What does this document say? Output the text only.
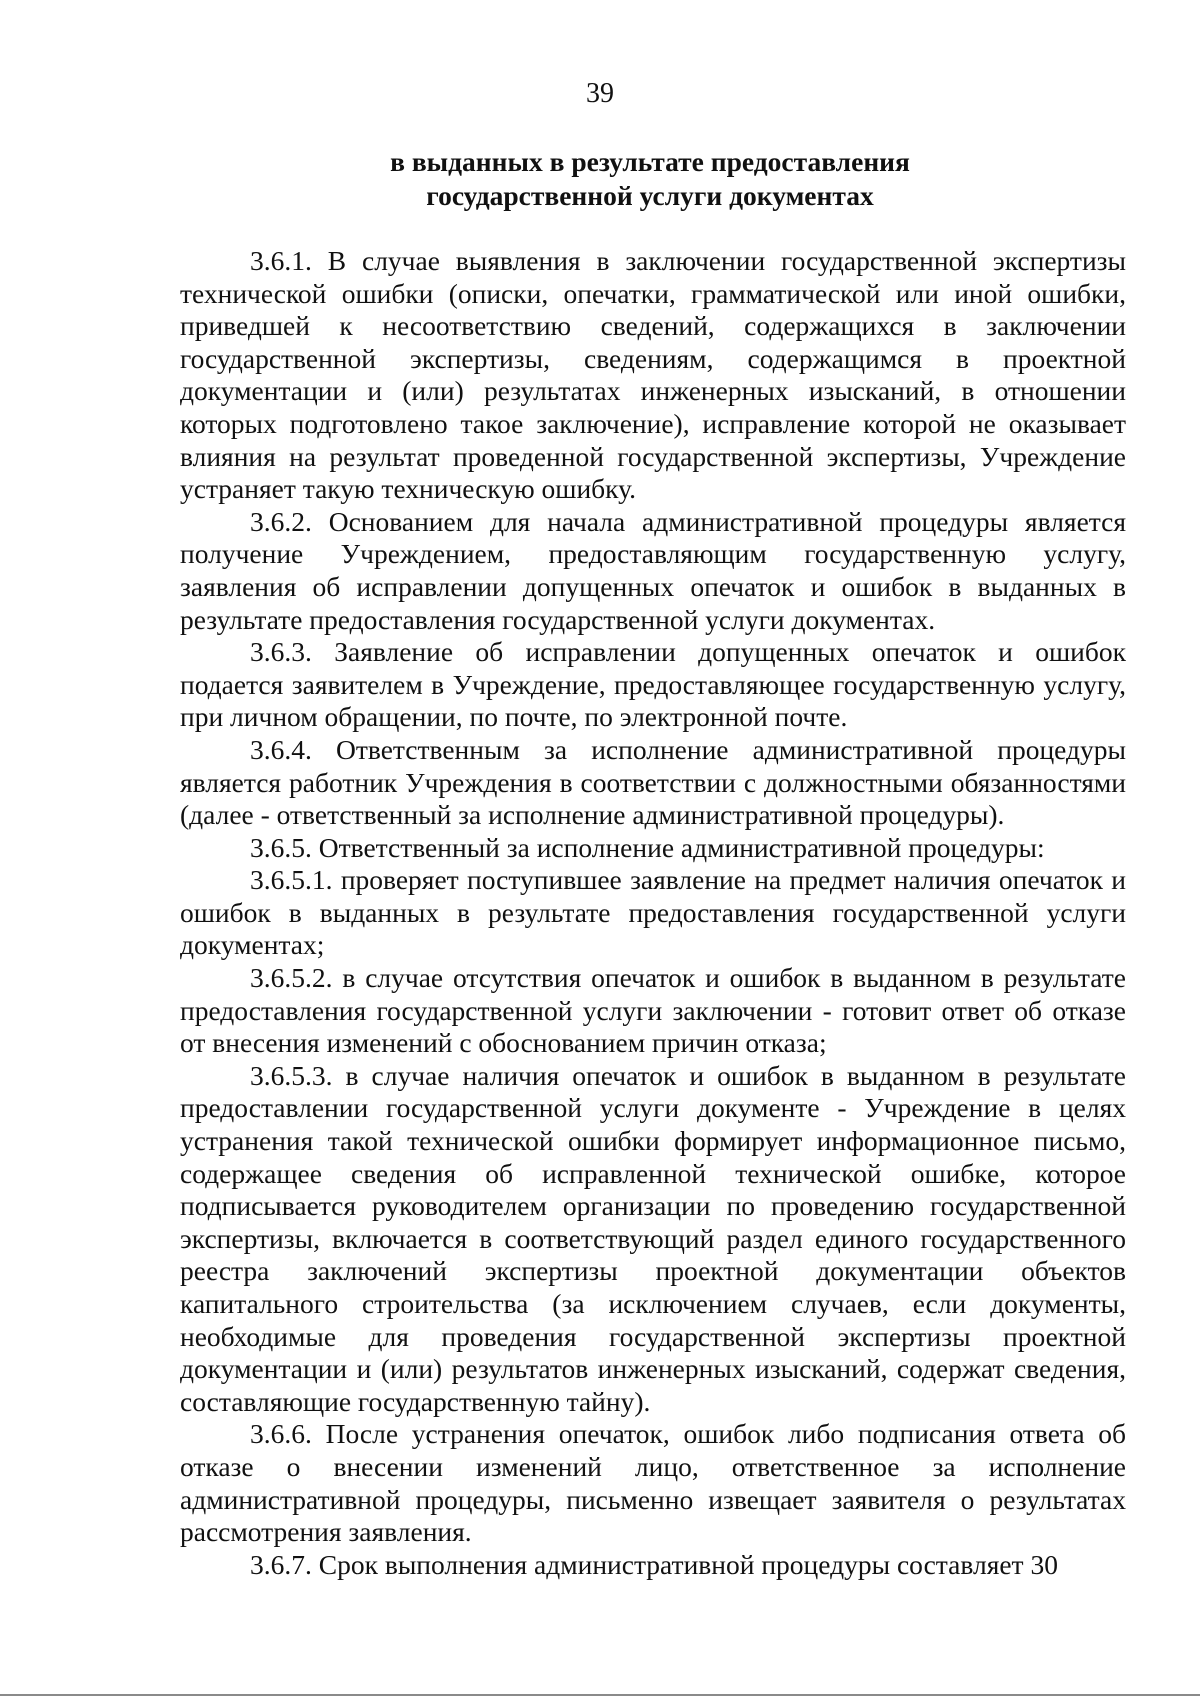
39
в выданных в результате предоставления
государственной услуги документах

3.6.1. В случае выявления в заключении государственной экспертизы технической ошибки (описки, опечатки, грамматической или иной ошибки, приведшей к несоответствию сведений, содержащихся в заключении государственной экспертизы, сведениям, содержащимся в проектной документации и (или) результатах инженерных изысканий, в отношении которых подготовлено такое заключение), исправление которой не оказывает влияния на результат проведенной государственной экспертизы, Учреждение устраняет такую техническую ошибку.

3.6.2. Основанием для начала административной процедуры является получение Учреждением, предоставляющим государственную услугу, заявления об исправлении допущенных опечаток и ошибок в выданных в результате предоставления государственной услуги документах.

3.6.3. Заявление об исправлении допущенных опечаток и ошибок подается заявителем в Учреждение, предоставляющее государственную услугу, при личном обращении, по почте, по электронной почте.

3.6.4. Ответственным за исполнение административной процедуры является работник Учреждения в соответствии с должностными обязанностями (далее - ответственный за исполнение административной процедуры).

3.6.5. Ответственный за исполнение административной процедуры:

3.6.5.1. проверяет поступившее заявление на предмет наличия опечаток и ошибок в выданных в результате предоставления государственной услуги документах;

3.6.5.2. в случае отсутствия опечаток и ошибок в выданном в результате предоставления государственной услуги заключении - готовит ответ об отказе от внесения изменений с обоснованием причин отказа;

3.6.5.3. в случае наличия опечаток и ошибок в выданном в результате предоставлении государственной услуги документе - Учреждение в целях устранения такой технической ошибки формирует информационное письмо, содержащее сведения об исправленной технической ошибке, которое подписывается руководителем организации по проведению государственной экспертизы, включается в соответствующий раздел единого государственного реестра заключений экспертизы проектной документации объектов капитального строительства (за исключением случаев, если документы, необходимые для проведения государственной экспертизы проектной документации и (или) результатов инженерных изысканий, содержат сведения, составляющие государственную тайну).

3.6.6. После устранения опечаток, ошибок либо подписания ответа об отказе о внесении изменений лицо, ответственное за исполнение административной процедуры, письменно извещает заявителя о результатах рассмотрения заявления.

3.6.7. Срок выполнения административной процедуры составляет 30
